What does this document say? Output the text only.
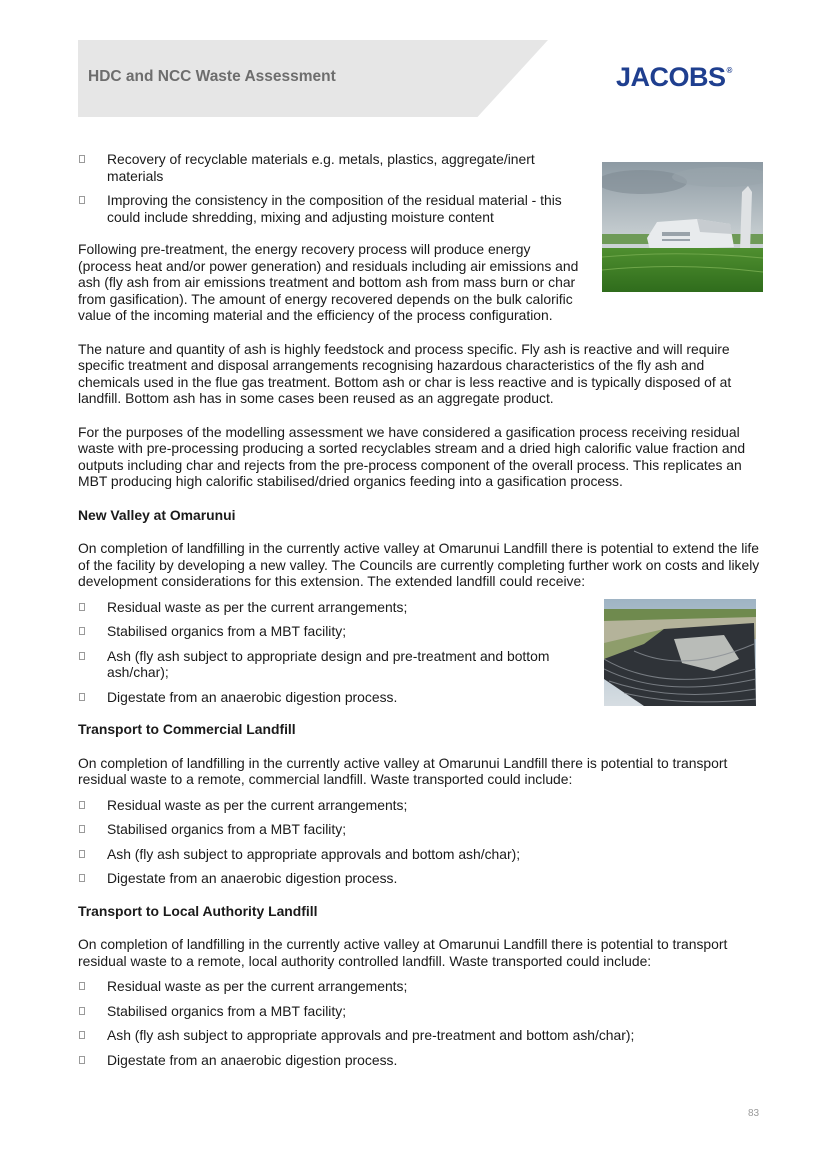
HDC and NCC Waste Assessment	JACOBS®
Recovery of recyclable materials e.g. metals, plastics, aggregate/inert materials
Improving the consistency in the composition of the residual material - this could include shredding, mixing and adjusting moisture content

Following pre-treatment, the energy recovery process will produce energy (process heat and/or power generation) and residuals including air emissions and ash (fly ash from air emissions treatment and bottom ash from mass burn or char from gasification). The amount of energy recovered depends on the bulk calorific value of the incoming material and the efficiency of the process configuration.

The nature and quantity of ash is highly feedstock and process specific. Fly ash is reactive and will require specific treatment and disposal arrangements recognising hazardous characteristics of the fly ash and chemicals used in the flue gas treatment. Bottom ash or char is less reactive and is typically disposed of at landfill. Bottom ash has in some cases been reused as an aggregate product.

For the purposes of the modelling assessment we have considered a gasification process receiving residual waste with pre-processing producing a sorted recyclables stream and a dried high calorific value fraction and outputs including char and rejects from the pre-process component of the overall process. This replicates an MBT producing high calorific stabilised/dried organics feeding into a gasification process.

New Valley at Omarunui

On completion of landfilling in the currently active valley at Omarunui Landfill there is potential to extend the life of the facility by developing a new valley. The Councils are currently completing further work on costs and likely development considerations for this extension. The extended landfill could receive:

Residual waste as per the current arrangements;
Stabilised organics from a MBT facility;
Ash (fly ash subject to appropriate design and pre-treatment and bottom ash/char);
Digestate from an anaerobic digestion process.
Transport to Commercial Landfill

On completion of landfilling in the currently active valley at Omarunui Landfill there is potential to transport residual waste to a remote, commercial landfill. Waste transported could include:

Residual waste as per the current arrangements;
Stabilised organics from a MBT facility;
Ash (fly ash subject to appropriate approvals and bottom ash/char);
Digestate from an anaerobic digestion process.
Transport to Local Authority Landfill

On completion of landfilling in the currently active valley at Omarunui Landfill there is potential to transport residual waste to a remote, local authority controlled landfill. Waste transported could include:

Residual waste as per the current arrangements;
Stabilised organics from a MBT facility;
Ash (fly ash subject to appropriate approvals and pre-treatment and bottom ash/char);
Digestate from an anaerobic digestion process.
83
